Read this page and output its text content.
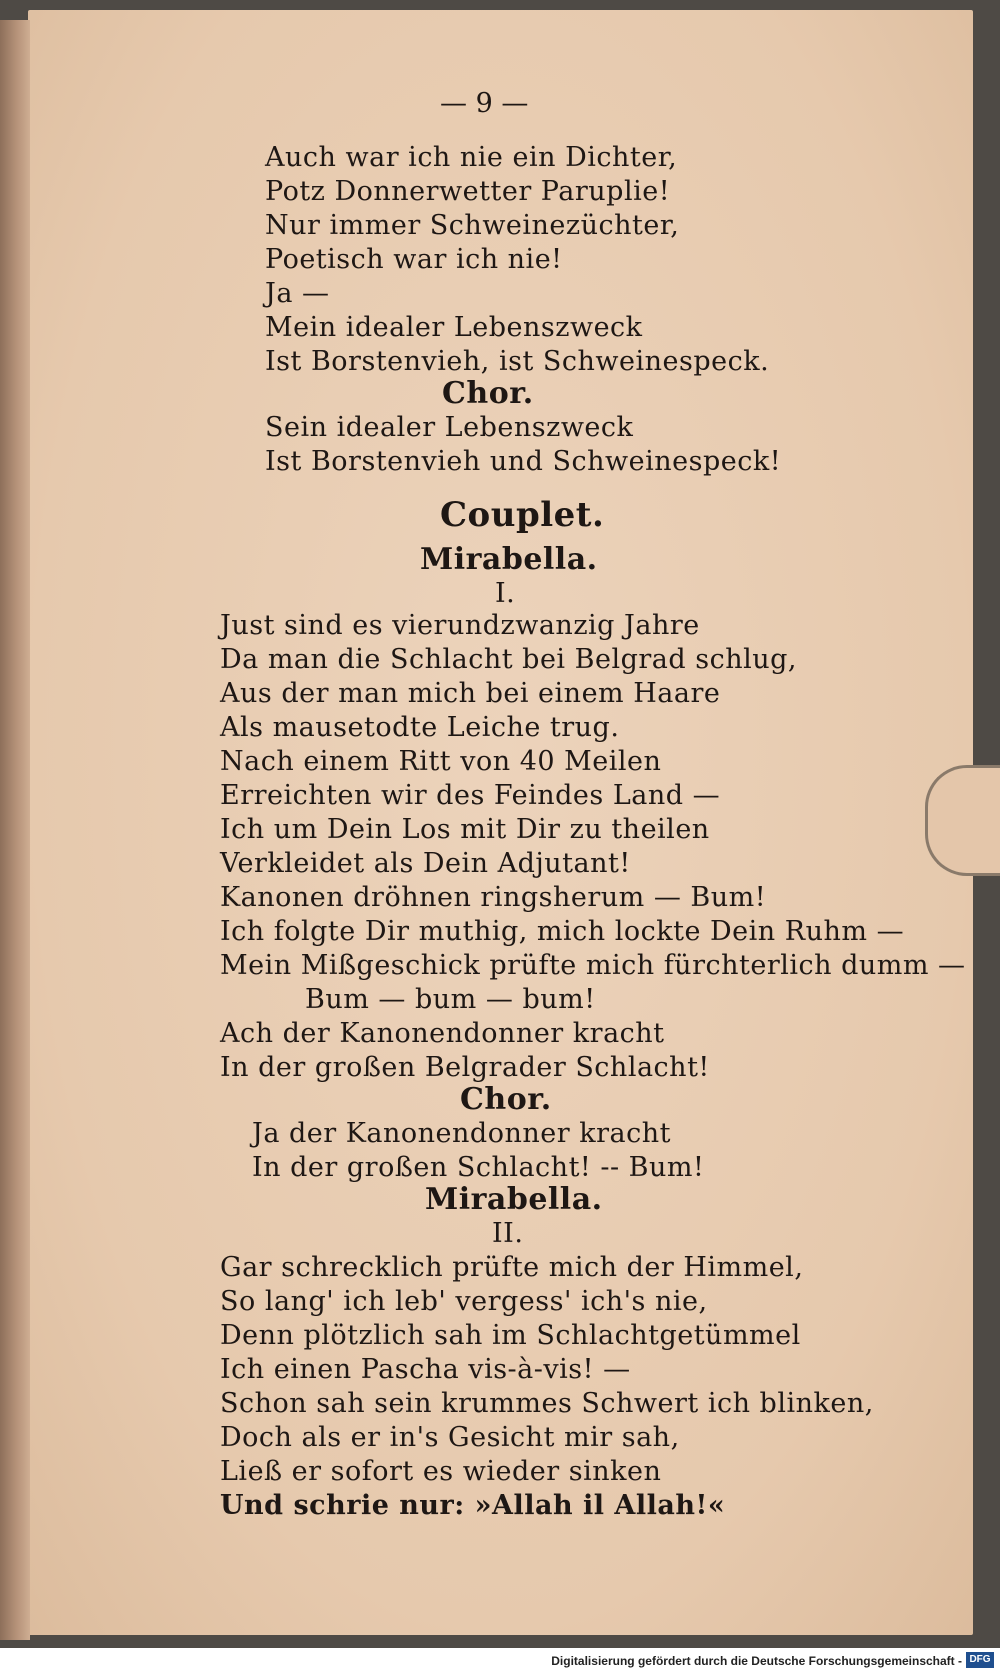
— 9 —
Auch war ich nie ein Dichter,
Potz Donnerwetter Paruplie!
Nur immer Schweinezüchter,
Poetisch war ich nie!
Ja —
Mein idealer Lebenszweck
Ist Borstenvieh, ist Schweinespeck.
Chor.
Sein idealer Lebenszweck
Ist Borstenvieh und Schweinespeck!
Couplet.
Mirabella.
I.
Just sind es vierundzwanzig Jahre
Da man die Schlacht bei Belgrad schlug,
Aus der man mich bei einem Haare
Als mausetodte Leiche trug.
Nach einem Ritt von 40 Meilen
Erreichten wir des Feindes Land —
Ich um Dein Los mit Dir zu theilen
Verkleidet als Dein Adjutant!
Kanonen dröhnen ringsherum — Bum!
Ich folgte Dir muthig, mich lockte Dein Ruhm —
Mein Mißgeschick prüfte mich fürchterlich dumm —
Bum — bum — bum!
Ach der Kanonendonner kracht
In der großen Belgrader Schlacht!
Chor.
Ja der Kanonendonner kracht
In der großen Schlacht! -- Bum!
Mirabella.
II.
Gar schrecklich prüfte mich der Himmel,
So lang' ich leb' vergess' ich's nie,
Denn plötzlich sah im Schlachtgetümmel
Ich einen Pascha vis-à-vis! —
Schon sah sein krummes Schwert ich blinken,
Doch als er in's Gesicht mir sah,
Ließ er sofort es wieder sinken
Und schrie nur: »Allah il Allah!«
Digitalisierung gefördert durch die Deutsche Forschungsgemeinschaft - DFG
